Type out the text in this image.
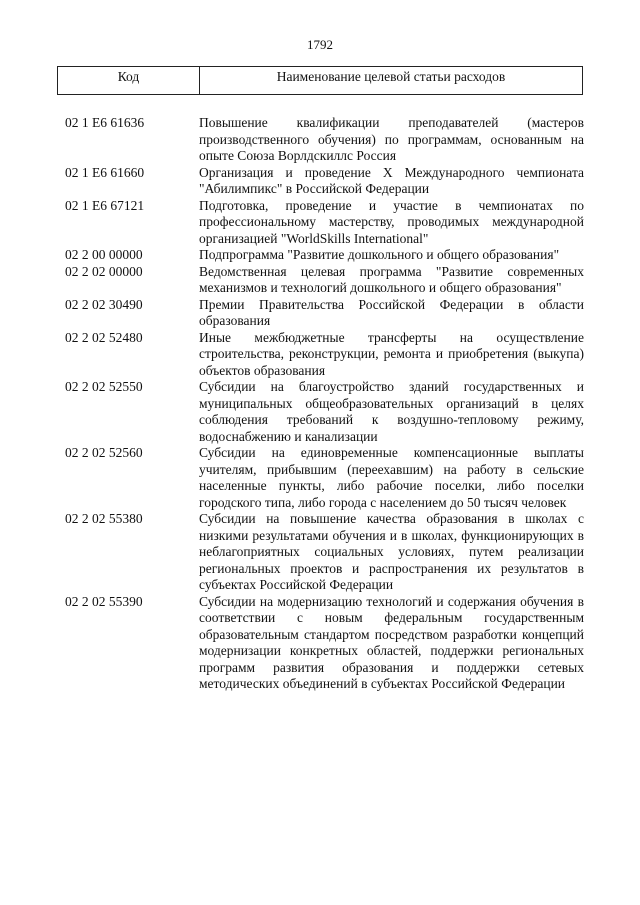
1792
Код	Наименование целевой статьи расходов
02 1 Е6 61636	Повышение квалификации преподавателей (мастеров производственного обучения) по программам, основанным на опыте Союза Ворлдскиллс Россия
02 1 Е6 61660	Организация и проведение X Международного чемпионата "Абилимпикс" в Российской Федерации
02 1 Е6 67121	Подготовка, проведение и участие в чемпионатах по профессиональному мастерству, проводимых международной организацией "WorldSkills International"
02 2 00 00000	Подпрограмма "Развитие дошкольного и общего образования"
02 2 02 00000	Ведомственная целевая программа "Развитие современных механизмов и технологий дошкольного и общего образования"
02 2 02 30490	Премии Правительства Российской Федерации в области образования
02 2 02 52480	Иные межбюджетные трансферты на осуществление строительства, реконструкции, ремонта и приобретения (выкупа) объектов образования
02 2 02 52550	Субсидии на благоустройство зданий государственных и муниципальных общеобразовательных организаций в целях соблюдения требований к воздушно-тепловому режиму, водоснабжению и канализации
02 2 02 52560	Субсидии на единовременные компенсационные выплаты учителям, прибывшим (переехавшим) на работу в сельские населенные пункты, либо рабочие поселки, либо поселки городского типа, либо города с населением до 50 тысяч человек
02 2 02 55380	Субсидии на повышение качества образования в школах с низкими результатами обучения и в школах, функционирующих в неблагоприятных социальных условиях, путем реализации региональных проектов и распространения их результатов в субъектах Российской Федерации
02 2 02 55390	Субсидии на модернизацию технологий и содержания обучения в соответствии с новым федеральным государственным образовательным стандартом посредством разработки концепций модернизации конкретных областей, поддержки региональных программ развития образования и поддержки сетевых методических объединений в субъектах Российской Федерации
